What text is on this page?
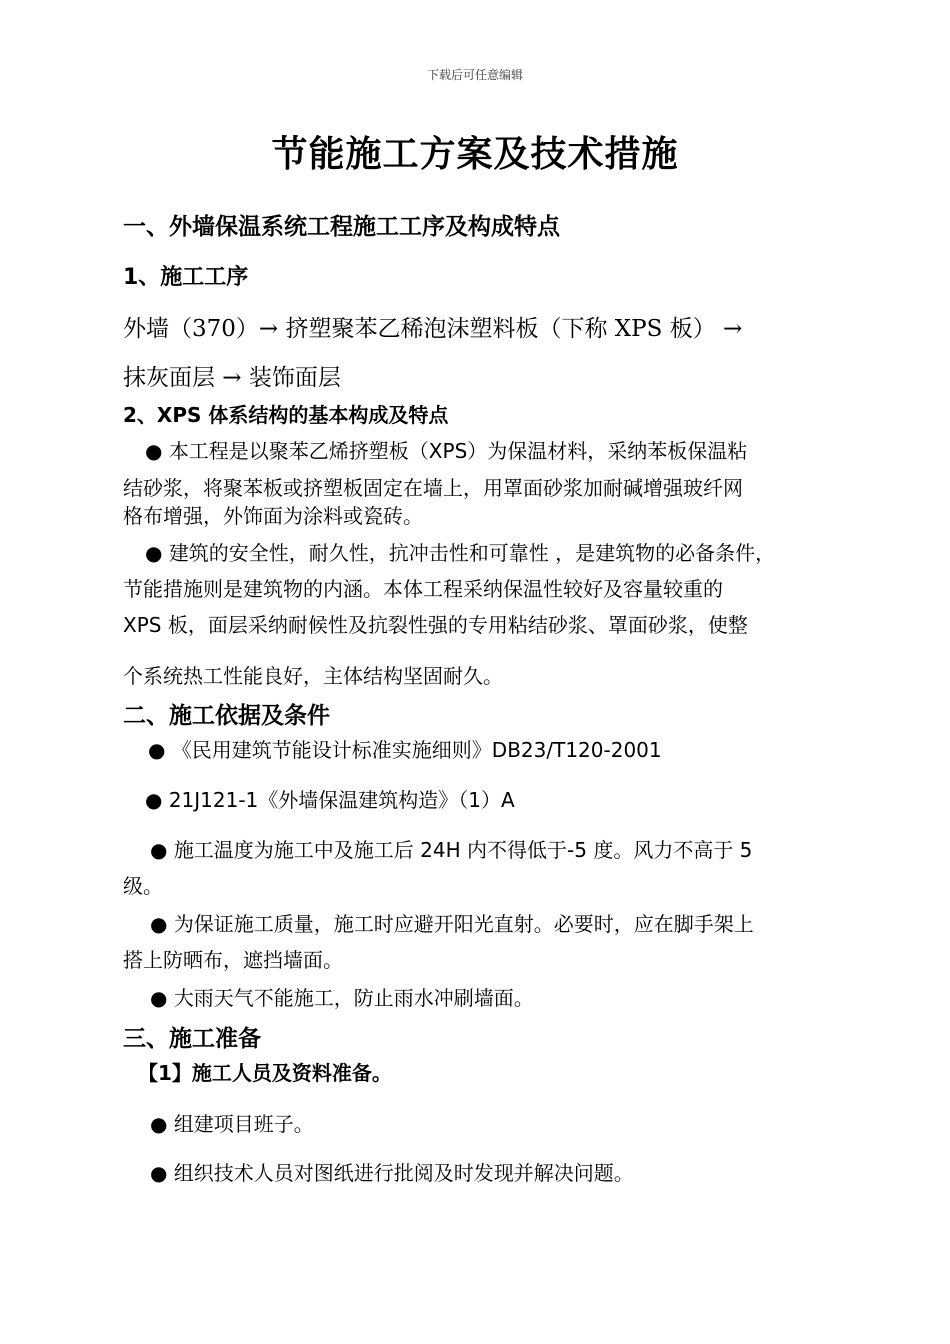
下载后可任意编辑
节能施工方案及技术措施
一、外墙保温系统工程施工工序及构成特点
1、施工工序
外墙（370）→ 挤塑聚苯乙稀泡沫塑料板（下称 XPS 板） →
抹灰面层 → 装饰面层
2、XPS 体系结构的基本构成及特点
● 本工程是以聚苯乙烯挤塑板（XPS）为保温材料，采纳苯板保温粘
结砂浆，将聚苯板或挤塑板固定在墙上，用罩面砂浆加耐碱增强玻纤网
格布增强，外饰面为涂料或瓷砖。
● 建筑的安全性，耐久性，抗冲击性和可靠性 ，是建筑物的必备条件，
节能措施则是建筑物的内涵。本体工程采纳保温性较好及容量较重的
XPS 板，面层采纳耐候性及抗裂性强的专用粘结砂浆、罩面砂浆，使整
个系统热工性能良好，主体结构坚固耐久。
二、施工依据及条件
● 《民用建筑节能设计标准实施细则》DB23/T120-2001
● 21J121-1《外墙保温建筑构造》（1）A
● 施工温度为施工中及施工后 24H 内不得低于-5 度。风力不高于 5
级。
● 为保证施工质量，施工时应避开阳光直射。必要时，应在脚手架上
搭上防晒布，遮挡墙面。
● 大雨天气不能施工，防止雨水冲刷墙面。
三、施工准备
【1】施工人员及资料准备。
● 组建项目班子。
● 组织技术人员对图纸进行批阅及时发现并解决问题。
